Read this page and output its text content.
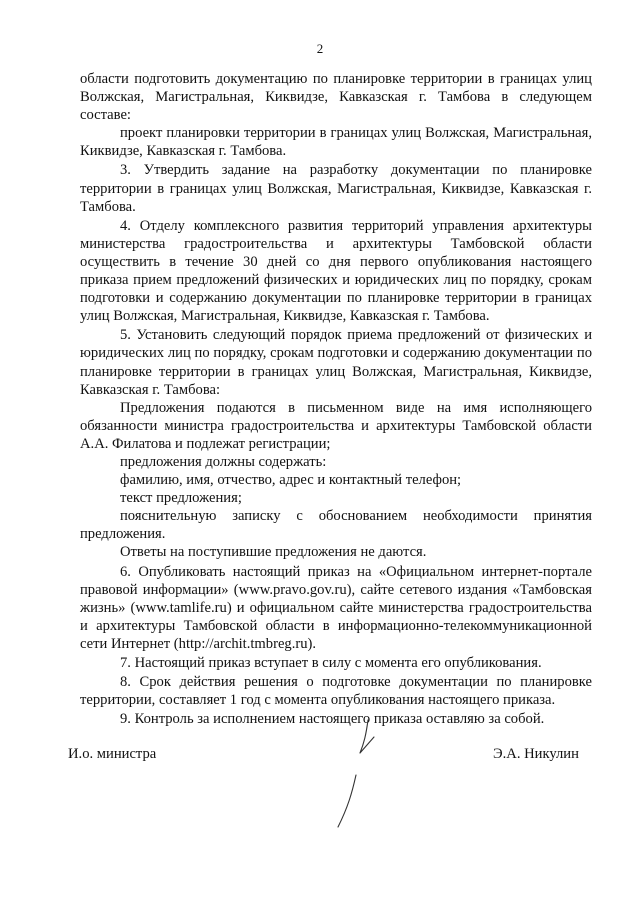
2

области подготовить документацию по планировке территории в границах улиц Волжская, Магистральная, Киквидзе, Кавказская г. Тамбова в следующем составе:

проект планировки территории в границах улиц Волжская, Магистральная, Киквидзе, Кавказская г. Тамбова.

3. Утвердить задание на разработку документации по планировке территории в границах улиц Волжская, Магистральная, Киквидзе, Кавказская г. Тамбова.

4. Отделу комплексного развития территорий управления архитектуры министерства градостроительства и архитектуры Тамбовской области осуществить в течение 30 дней со дня первого опубликования настоящего приказа прием предложений физических и юридических лиц по порядку, срокам подготовки и содержанию документации по планировке территории в границах улиц Волжская, Магистральная, Киквидзе, Кавказская г. Тамбова.

5. Установить следующий порядок приема предложений от физических и юридических лиц по порядку, срокам подготовки и содержанию документации по планировке территории в границах улиц Волжская, Магистральная, Киквидзе, Кавказская г. Тамбова:

Предложения подаются в письменном виде на имя исполняющего обязанности министра градостроительства и архитектуры Тамбовской области А.А. Филатова и подлежат регистрации;

предложения должны содержать:

фамилию, имя, отчество, адрес и контактный телефон;

текст предложения;

пояснительную записку с обоснованием необходимости принятия предложения.

Ответы на поступившие предложения не даются.

6. Опубликовать настоящий приказ на «Официальном интернет-портале правовой информации» (www.pravo.gov.ru), сайте сетевого издания «Тамбовская жизнь» (www.tamlife.ru) и официальном сайте министерства градостроительства и архитектуры Тамбовской области в информационно-телекоммуникационной сети Интернет (http://archit.tmbreg.ru).

7. Настоящий приказ вступает в силу с момента его опубликования.

8. Срок действия решения о подготовке документации по планировке территории, составляет 1 год с момента опубликования настоящего приказа.

9. Контроль за исполнением настоящего приказа оставляю за собой.

И.о. министра	Э.А. Никулин
